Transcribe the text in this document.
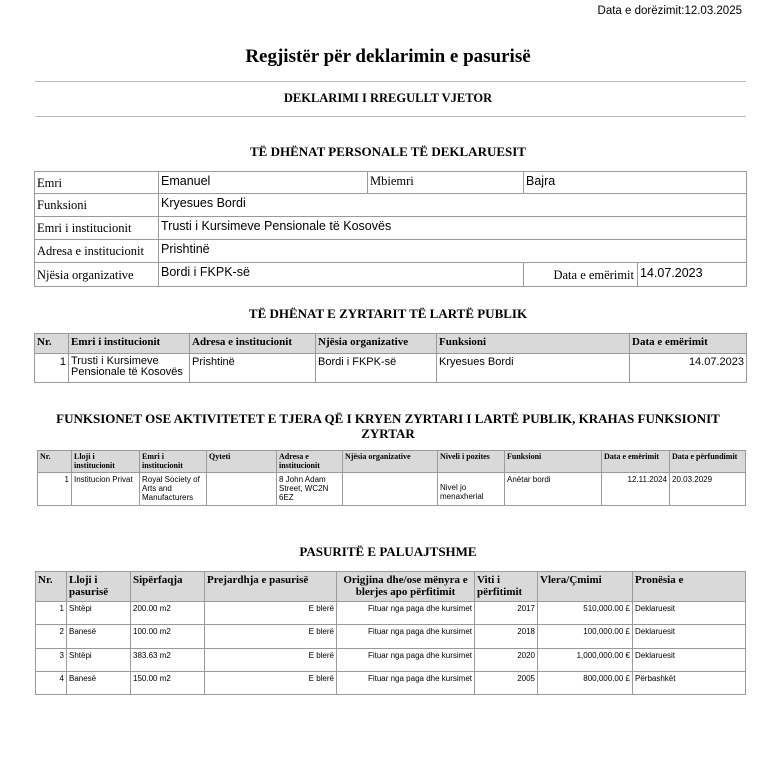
Data e dorëzimit:12.03.2025
Regjistër për deklarimin e pasurisë
DEKLARIMI I RREGULLT VJETOR
TË DHËNAT PERSONALE TË DEKLARUESIT
Emri	Emanuel	Mbiemri	Bajra	
Funksioni	Kryesues Bordi			
Emri i institucionit	Trusti i Kursimeve Pensionale të Kosovës			
Adresa e institucionit	Prishtinë			
Njësia organizative	Bordi i FKPK-së		Data e emërimit	14.07.2023
TË DHËNAT E ZYRTARIT TË LARTË PUBLIK
Nr.	Emri i institucionit	Adresa e institucionit	Njësia organizative	Funksioni	Data e emërimit
1	Trusti i Kursimeve Pensionale të Kosovës	Prishtinë	Bordi i FKPK-së	Kryesues Bordi	14.07.2023
FUNKSIONET OSE AKTIVITETET E TJERA QË I KRYEN ZYRTARI I LARTË PUBLIK, KRAHAS FUNKSIONIT ZYRTAR
Nr.	Lloji i institucionit	Emri i institucionit	Qyteti	Adresa e institucionit	Njësia organizative	Niveli i pozites	Funksioni	Data e emërimit	Data e përfundimit
1	Institucion Privat	Royal Society of Arts and Manufacturers		8 John Adam Street, WC2N 6EZ		Nivel jo menaxherial	Anëtar bordi	12.11.2024	20.03.2029
PASURITË E PALUAJTSHME
Nr.	Lloji i pasurisë	Sipërfaqja	Prejardhja e pasurisë	Origjina dhe/ose mënyra e blerjes apo përfitimit	Viti i përfitimit	Vlera/Çmimi	Pronësia e
1	Shtëpi	200.00 m2	E blerë	Fituar nga paga dhe kursimet	2017	510,000.00 £	Deklaruesit
2	Banesë	100.00 m2	E blerë	Fituar nga paga dhe kursimet	2018	100,000.00 £	Deklaruesit
3	Shtëpi	383.63 m2	E blerë	Fituar nga paga dhe kursimet	2020	1,000,000.00 €	Deklaruesit
4	Banesë	150.00 m2	E blerë	Fituar nga paga dhe kursimet	2005	800,000.00 £	Përbashkët
